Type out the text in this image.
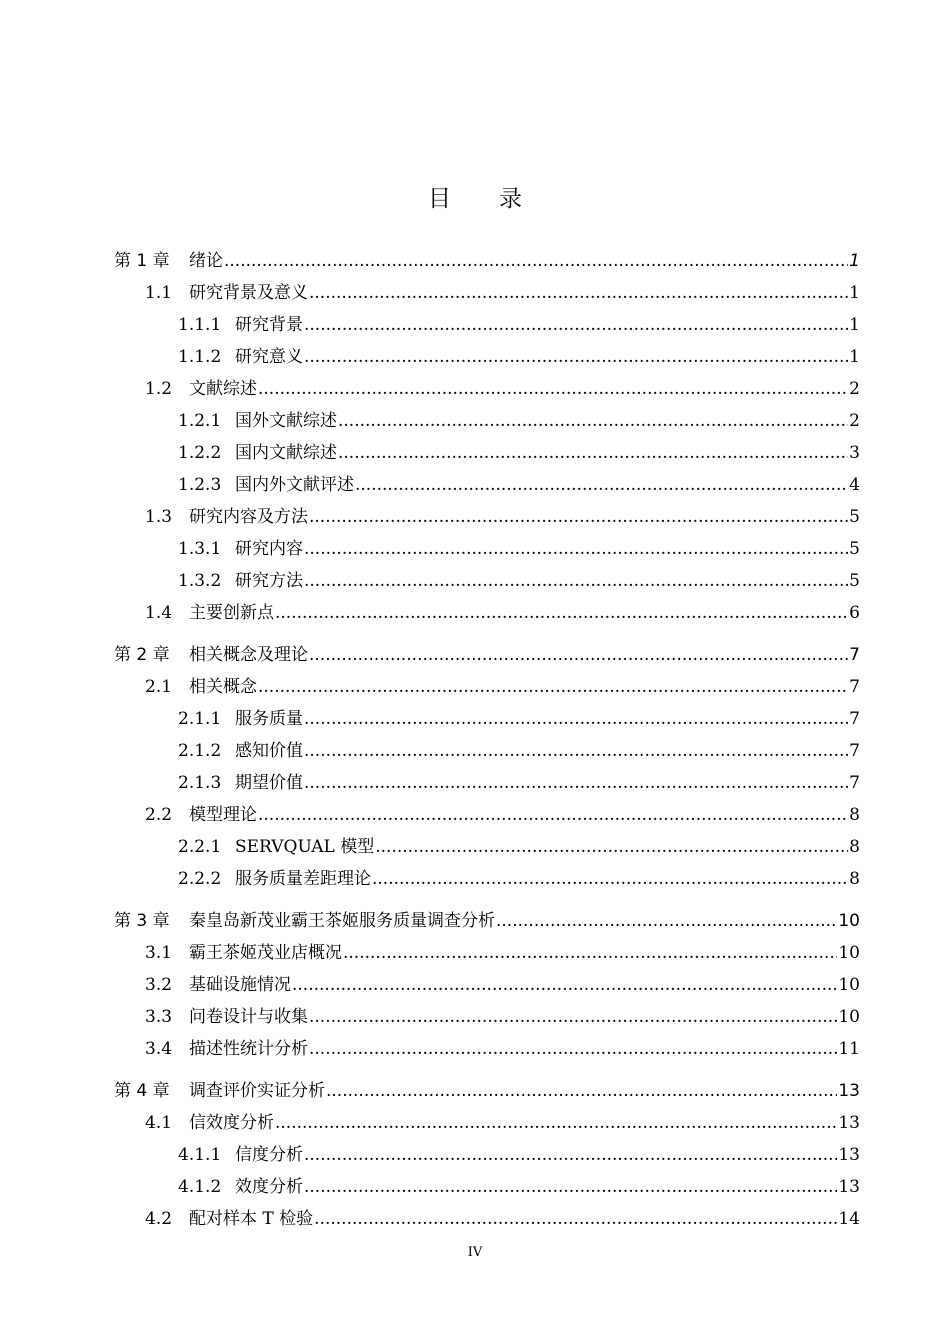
目 录
第 1 章	绪论 .....	1
1.1 研究背景及意义 .....	1
1.1.1 研究背景 .....	1
1.1.2 研究意义 .....	1
1.2 文献综述 .....	2
1.2.1 国外文献综述 .....	2
1.2.2 国内文献综述 .....	3
1.2.3 国内外文献评述 .....	4
1.3 研究内容及方法 .....	5
1.3.1 研究内容 .....	5
1.3.2 研究方法 .....	5
1.4 主要创新点 .....	6
第 2 章	相关概念及理论 .....	7
2.1 相关概念 .....	7
2.1.1 服务质量 .....	7
2.1.2 感知价值 .....	7
2.1.3 期望价值 .....	7
2.2 模型理论 .....	8
2.2.1 SERVQUAL 模型 .....	8
2.2.2 服务质量差距理论 .....	8
第 3 章	秦皇岛新茂业霸王茶姬服务质量调查分析 .....	10
3.1 霸王茶姬茂业店概况 .....	10
3.2 基础设施情况 .....	10
3.3 问卷设计与收集 .....	10
3.4 描述性统计分析 .....	11
第 4 章	调查评价实证分析 .....	13
4.1 信效度分析 .....	13
4.1.1 信度分析 .....	13
4.1.2 效度分析 .....	13
4.2 配对样本 T 检验 .....	14
IV
